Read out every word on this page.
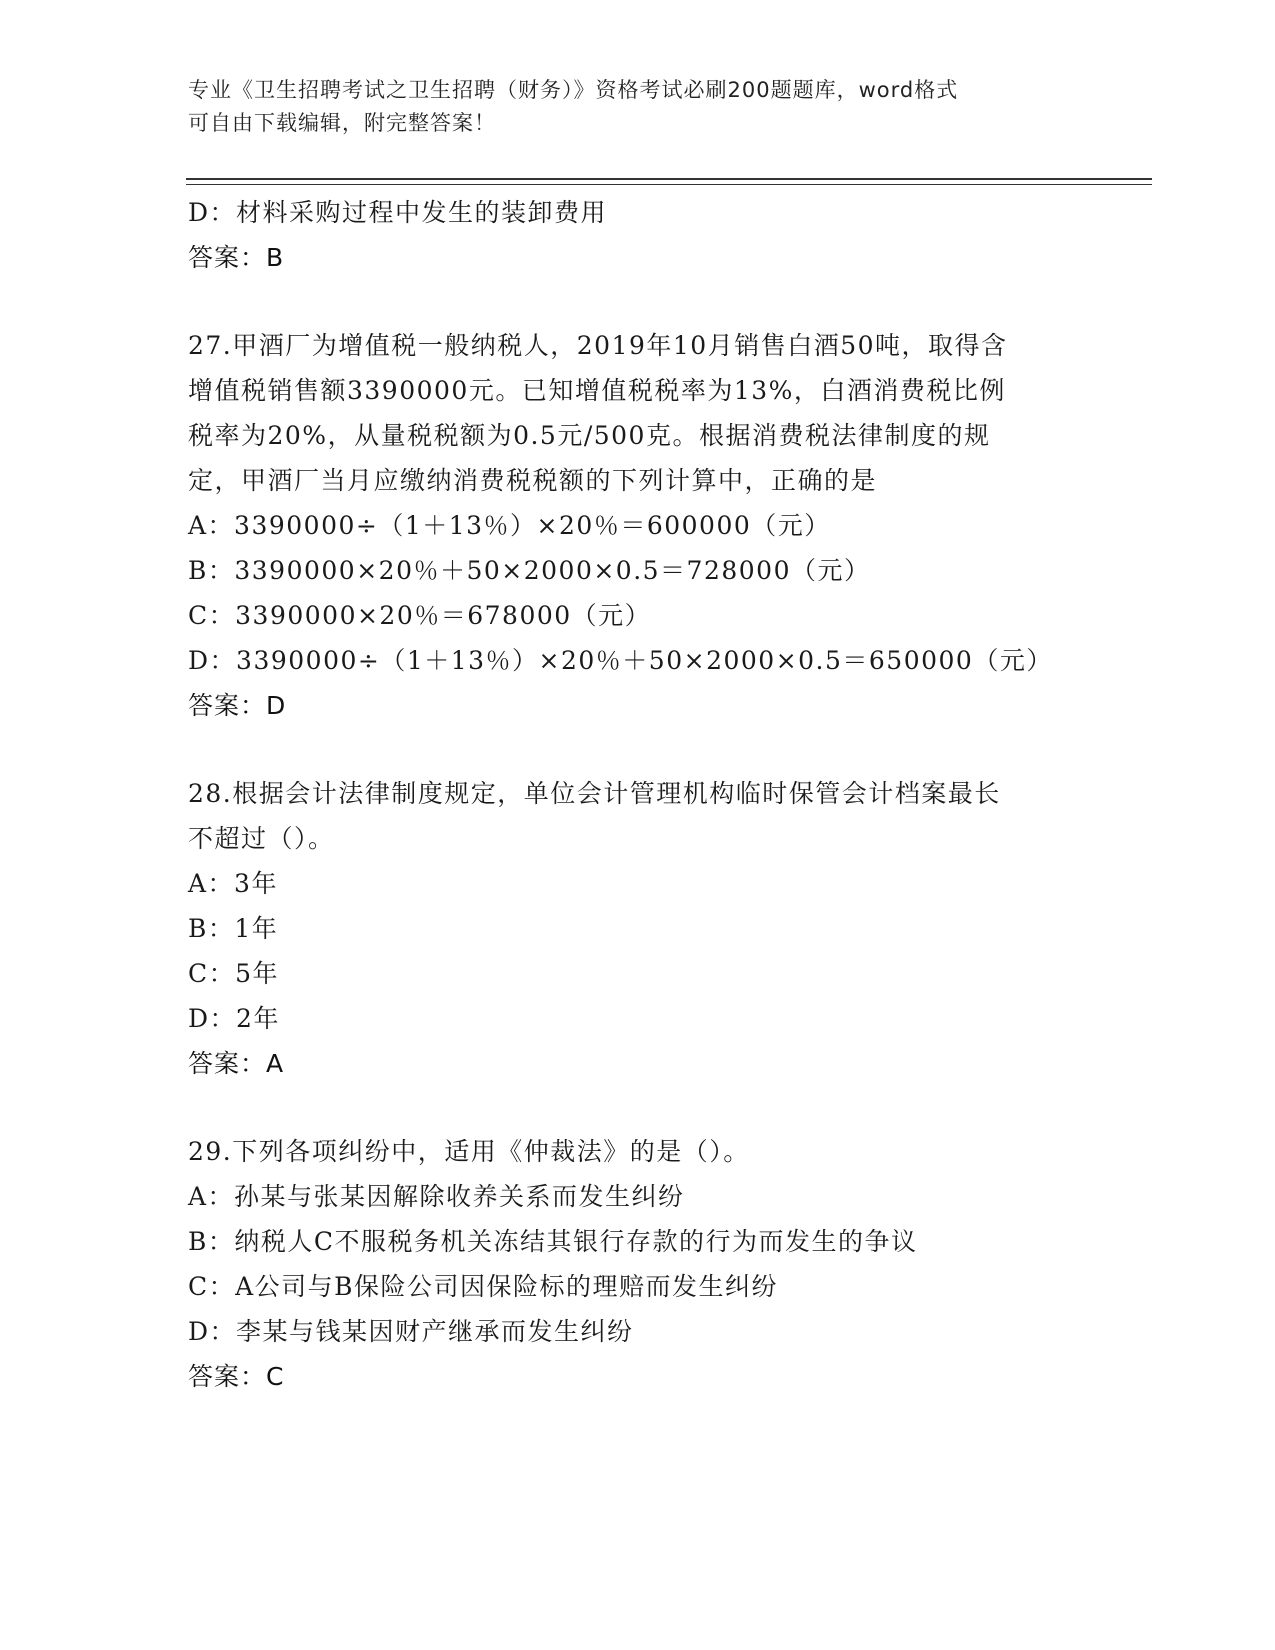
专业《卫生招聘考试之卫生招聘（财务）》资格考试必刷200题题库，word格式
可自由下载编辑，附完整答案！
D：材料采购过程中发生的装卸费用
答案：B
27.甲酒厂为增值税一般纳税人，2019年10月销售白酒50吨，取得含
增值税销售额3390000元。已知增值税税率为13%，白酒消费税比例
税率为20%，从量税税额为0.5元/500克。根据消费税法律制度的规
定，甲酒厂当月应缴纳消费税税额的下列计算中，正确的是
A：3390000÷（1＋13％）×20％＝600000（元）
B：3390000×20％＋50×2000×0.5＝728000（元）
C：3390000×20％＝678000（元）
D：3390000÷（1＋13％）×20％＋50×2000×0.5＝650000（元）
答案：D
28.根据会计法律制度规定，单位会计管理机构临时保管会计档案最长
不超过（）。
A：3年
B：1年
C：5年
D：2年
答案：A
29.下列各项纠纷中，适用《仲裁法》的是（）。
A：孙某与张某因解除收养关系而发生纠纷
B：纳税人C不服税务机关冻结其银行存款的行为而发生的争议
C：A公司与B保险公司因保险标的理赔而发生纠纷
D：李某与钱某因财产继承而发生纠纷
答案：C
